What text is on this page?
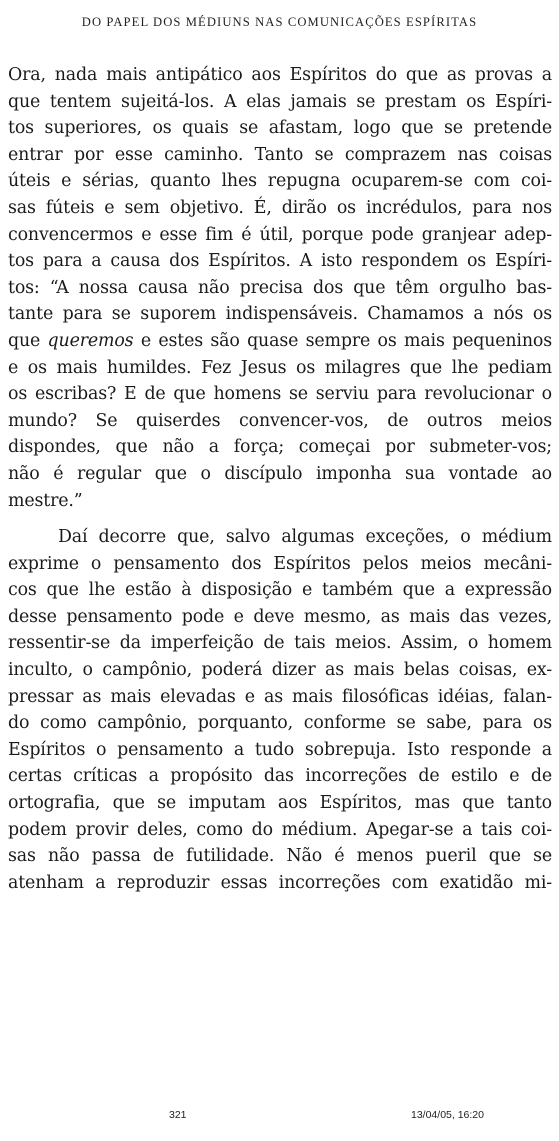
DO PAPEL DOS MÉDIUNS NAS COMUNICAÇÕES ESPÍRITAS
Ora, nada mais antipático aos Espíritos do que as provas a
que tentem sujeitá-los. A elas jamais se prestam os Espíri-
tos superiores, os quais se afastam, logo que se pretende
entrar por esse caminho. Tanto se comprazem nas coisas
úteis e sérias, quanto lhes repugna ocuparem-se com coi-
sas fúteis e sem objetivo. É, dirão os incrédulos, para nos
convencermos e esse fim é útil, porque pode granjear adep-
tos para a causa dos Espíritos. A isto respondem os Espíri-
tos: “A nossa causa não precisa dos que têm orgulho bas-
tante para se suporem indispensáveis. Chamamos a nós os
que queremos e estes são quase sempre os mais pequeninos
e os mais humildes. Fez Jesus os milagres que lhe pediam
os escribas? E de que homens se serviu para revolucionar o
mundo? Se quiserdes convencer-vos, de outros meios
dispondes, que não a força; começai por submeter-vos;
não é regular que o discípulo imponha sua vontade ao
mestre.”
Daí decorre que, salvo algumas exceções, o médium
exprime o pensamento dos Espíritos pelos meios mecâni-
cos que lhe estão à disposição e também que a expressão
desse pensamento pode e deve mesmo, as mais das vezes,
ressentir-se da imperfeição de tais meios. Assim, o homem
inculto, o campônio, poderá dizer as mais belas coisas, ex-
pressar as mais elevadas e as mais filosóficas idéias, falan-
do como campônio, porquanto, conforme se sabe, para os
Espíritos o pensamento a tudo sobrepuja. Isto responde a
certas críticas a propósito das incorreções de estilo e de
ortografia, que se imputam aos Espíritos, mas que tanto
podem provir deles, como do médium. Apegar-se a tais coi-
sas não passa de futilidade. Não é menos pueril que se
atenham a reproduzir essas incorreções com exatidão mi-
321	13/04/05, 16:20
